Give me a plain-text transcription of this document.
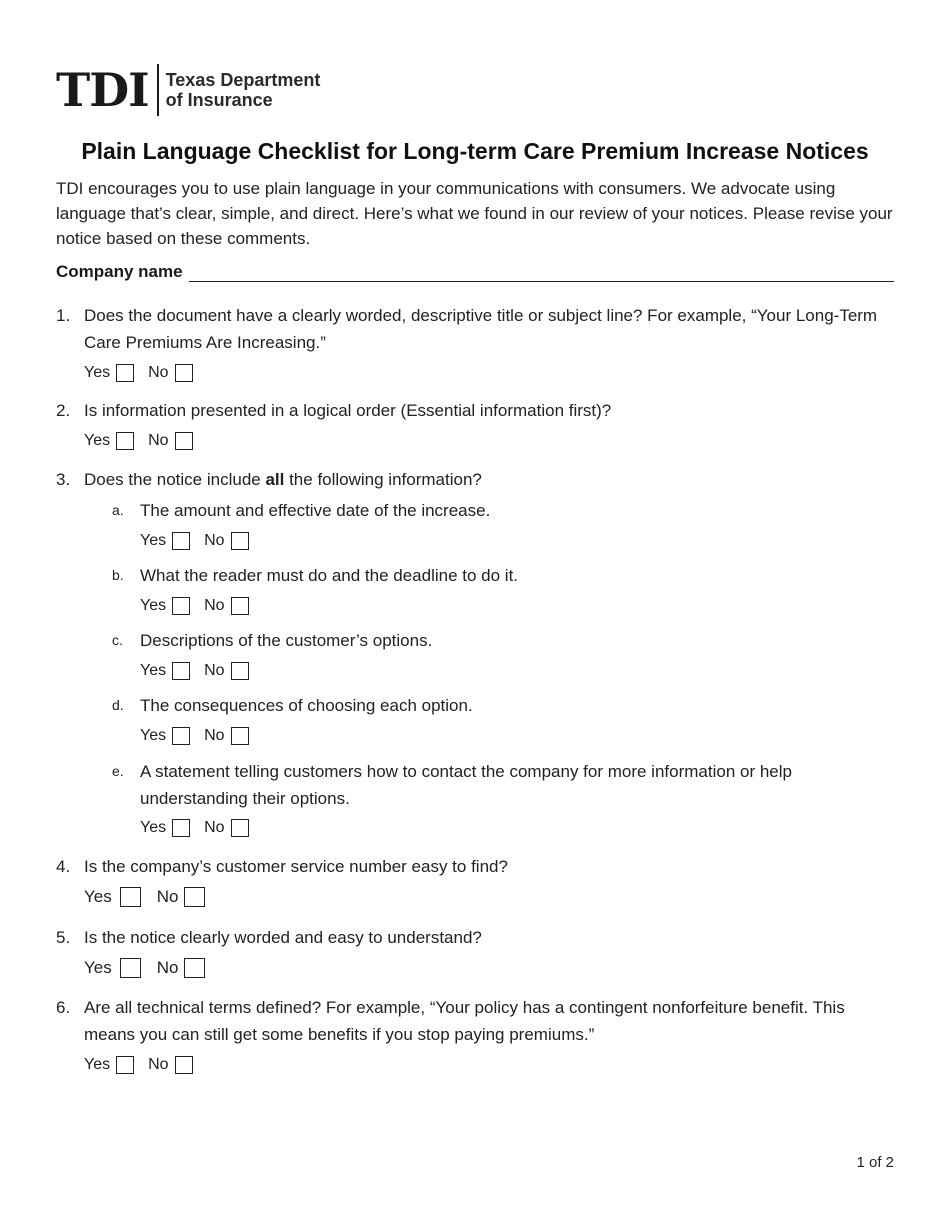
TDI Texas Department
of Insurance
Plain Language Checklist for Long-term Care Premium Increase Notices

TDI encourages you to use plain language in your communications with consumers. We advocate using language that’s clear, simple, and direct. Here’s what we found in our review of your notices. Please revise your notice based on these comments.

Company name
1. Does the document have a clearly worded, descriptive title or subject line? For example, “Your Long-Term Care Premiums Are Increasing.”
Yes No
2. Is information presented in a logical order (Essential information first)?
Yes No
3. Does the notice include all the following information?
a. The amount and effective date of the increase.
Yes No
b. What the reader must do and the deadline to do it.
Yes No
c. Descriptions of the customer’s options.
Yes No
d. The consequences of choosing each option.
Yes No
e. A statement telling customers how to contact the company for more information or help understanding their options.
Yes No
4. Is the company’s customer service number easy to find?
Yes	No
5. Is the notice clearly worded and easy to understand?
Yes	No
6. Are all technical terms defined? For example, “Your policy has a contingent nonforfeiture benefit. This means you can still get some benefits if you stop paying premiums.”
Yes No
1 of 2
